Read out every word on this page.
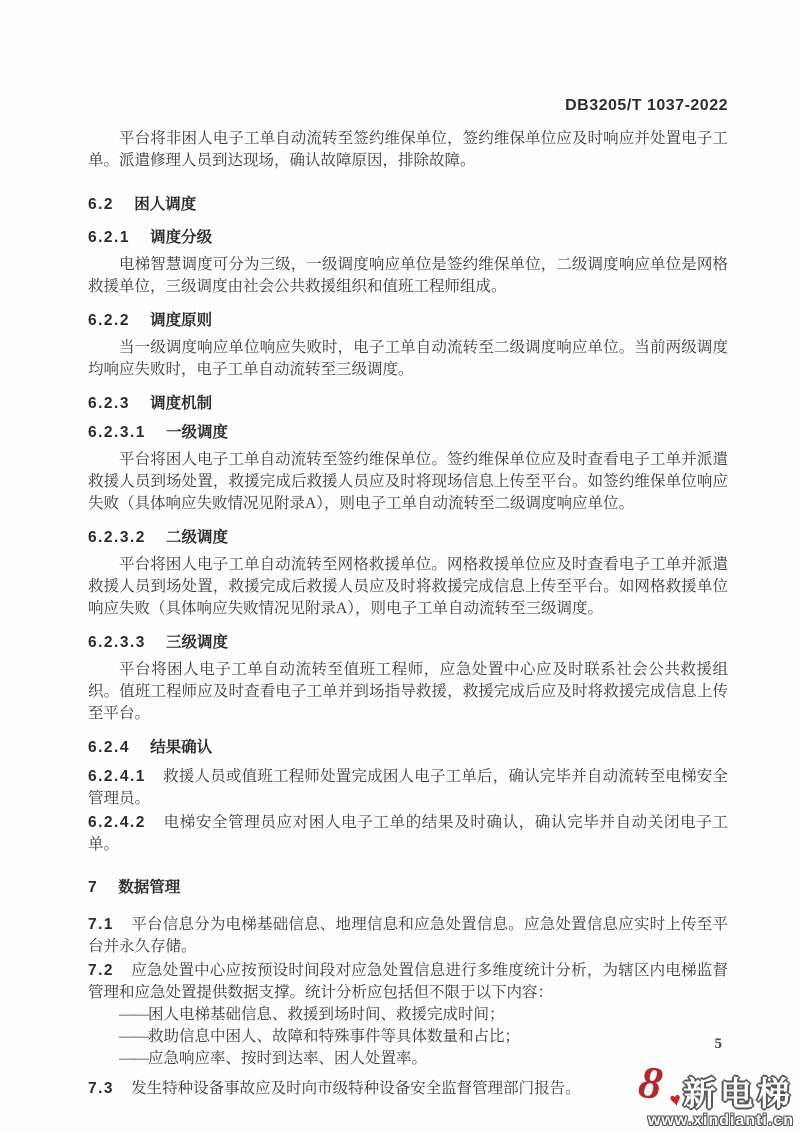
DB3205/T 1037-2022

平台将非困人电子工单自动流转至签约维保单位，签约维保单位应及时响应并处置电子工单。派遣修理人员到达现场，确认故障原因，排除故障。

6.2 困人调度
6.2.1 调度分级

电梯智慧调度可分为三级，一级调度响应单位是签约维保单位，二级调度响应单位是网格救援单位，三级调度由社会公共救援组织和值班工程师组成。

6.2.2 调度原则

当一级调度响应单位响应失败时，电子工单自动流转至二级调度响应单位。当前两级调度均响应失败时，电子工单自动流转至三级调度。

6.2.3 调度机制
6.2.3.1 一级调度

平台将困人电子工单自动流转至签约维保单位。签约维保单位应及时查看电子工单并派遣救援人员到场处置，救援完成后救援人员应及时将现场信息上传至平台。如签约维保单位响应失败（具体响应失败情况见附录A），则电子工单自动流转至二级调度响应单位。

6.2.3.2 二级调度

平台将困人电子工单自动流转至网格救援单位。网格救援单位应及时查看电子工单并派遣救援人员到场处置，救援完成后救援人员应及时将救援完成信息上传至平台。如网格救援单位响应失败（具体响应失败情况见附录A），则电子工单自动流转至三级调度。

6.2.3.3 三级调度

平台将困人电子工单自动流转至值班工程师，应急处置中心应及时联系社会公共救援组织。值班工程师应及时查看电子工单并到场指导救援，救援完成后应及时将救援完成信息上传至平台。

6.2.4 结果确认

6.2.4.1 救援人员或值班工程师处置完成困人电子工单后，确认完毕并自动流转至电梯安全管理员。

6.2.4.2 电梯安全管理员应对困人电子工单的结果及时确认，确认完毕并自动关闭电子工单。

7 数据管理

7.1 平台信息分为电梯基础信息、地理信息和应急处置信息。应急处置信息应实时上传至平台并永久存储。

7.2 应急处置中心应按预设时间段对应急处置信息进行多维度统计分析，为辖区内电梯监督管理和应急处置提供数据支撑。统计分析应包括但不限于以下内容：

——困人电梯基础信息、救援到场时间、救援完成时间；

——救助信息中困人、故障和特殊事件等具体数量和占比；

——应急响应率、按时到达率、困人处置率。

7.3 发生特种设备事故应及时向市级特种设备安全监督管理部门报告。

5
8 ♥ 新电梯
www.xindianti.cn
